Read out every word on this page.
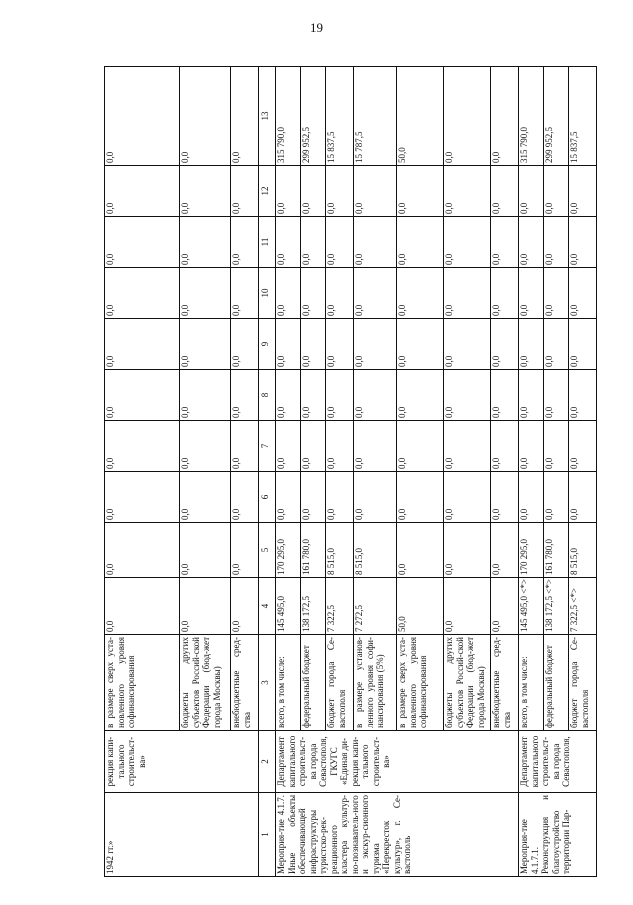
19
1942 гг.»	рекция капи-тального строительст-ва»	в размере сверх уста-новленного уровня софинансирования	0,0	0,0	0,0	0,0	0,0	0,0	0,0	0,0	0,0	0,0
		бюджеты других субъектов Россий-ской Федерации (бюд-жет города Москвы)	0,0	0,0	0,0	0,0	0,0	0,0	0,0	0,0	0,0	0,0
		внебюджетные сред-ства	0,0	0,0	0,0	0,0	0,0	0,0	0,0	0,0	0,0	0,0
1	2	3	4	5	6	7	8	9	10	11	12	13
Мероприя-тие 4.1.7. Иные объекты обеспечивающей инфраструктуры туристско-рек-реационного кластера культур-но-познаватель-ного и экскур-сионного туризма «Перекресток культур», г. Се-вастополь	Департамент капитального строительст-ва города Севастополя, ГКУГС «Единая ди-рекция капи-тального строительст-ва»	всего, в том числе:	145 495,0	170 295,0	0,0	0,0	0,0	0,0	0,0	0,0	0,0	315 790,0
		федеральный бюджет	138 172,5	161 780,0	0,0	0,0	0,0	0,0	0,0	0,0	0,0	299 952,5
		бюджет города Се-вастополя	7 322,5	8 515,0	0,0	0,0	0,0	0,0	0,0	0,0	0,0	15 837,5
		в размере установ-ленного уровня софи-нансирования (5%)	7 272,5	8 515,0	0,0	0,0	0,0	0,0	0,0	0,0	0,0	15 787,5
		в размере сверх уста-новленного уровня софинансирования	50,0	0,0	0,0	0,0	0,0	0,0	0,0	0,0	0,0	50,0
		бюджеты других субъектов Россий-ской Федерации (бюд-жет города Москвы)	0,0	0,0	0,0	0,0	0,0	0,0	0,0	0,0	0,0	0,0
		внебюджетные сред-ства	0,0	0,0	0,0	0,0	0,0	0,0	0,0	0,0	0,0	0,0
Мероприя-тие 4.1.7.1. Реконструкция и благоустройство территории Пар-	Департамент капитального строительст-ва города Севастополя,	всего, в том числе:	145 495,0 <*>	170 295,0	0,0	0,0	0,0	0,0	0,0	0,0	0,0	315 790,0
		федеральный бюджет	138 172,5 <*>	161 780,0	0,0	0,0	0,0	0,0	0,0	0,0	0,0	299 952,5
		бюджет города Се-вастополя	7 322,5 <*>	8 515,0	0,0	0,0	0,0	0,0	0,0	0,0	0,0	15 837,5
